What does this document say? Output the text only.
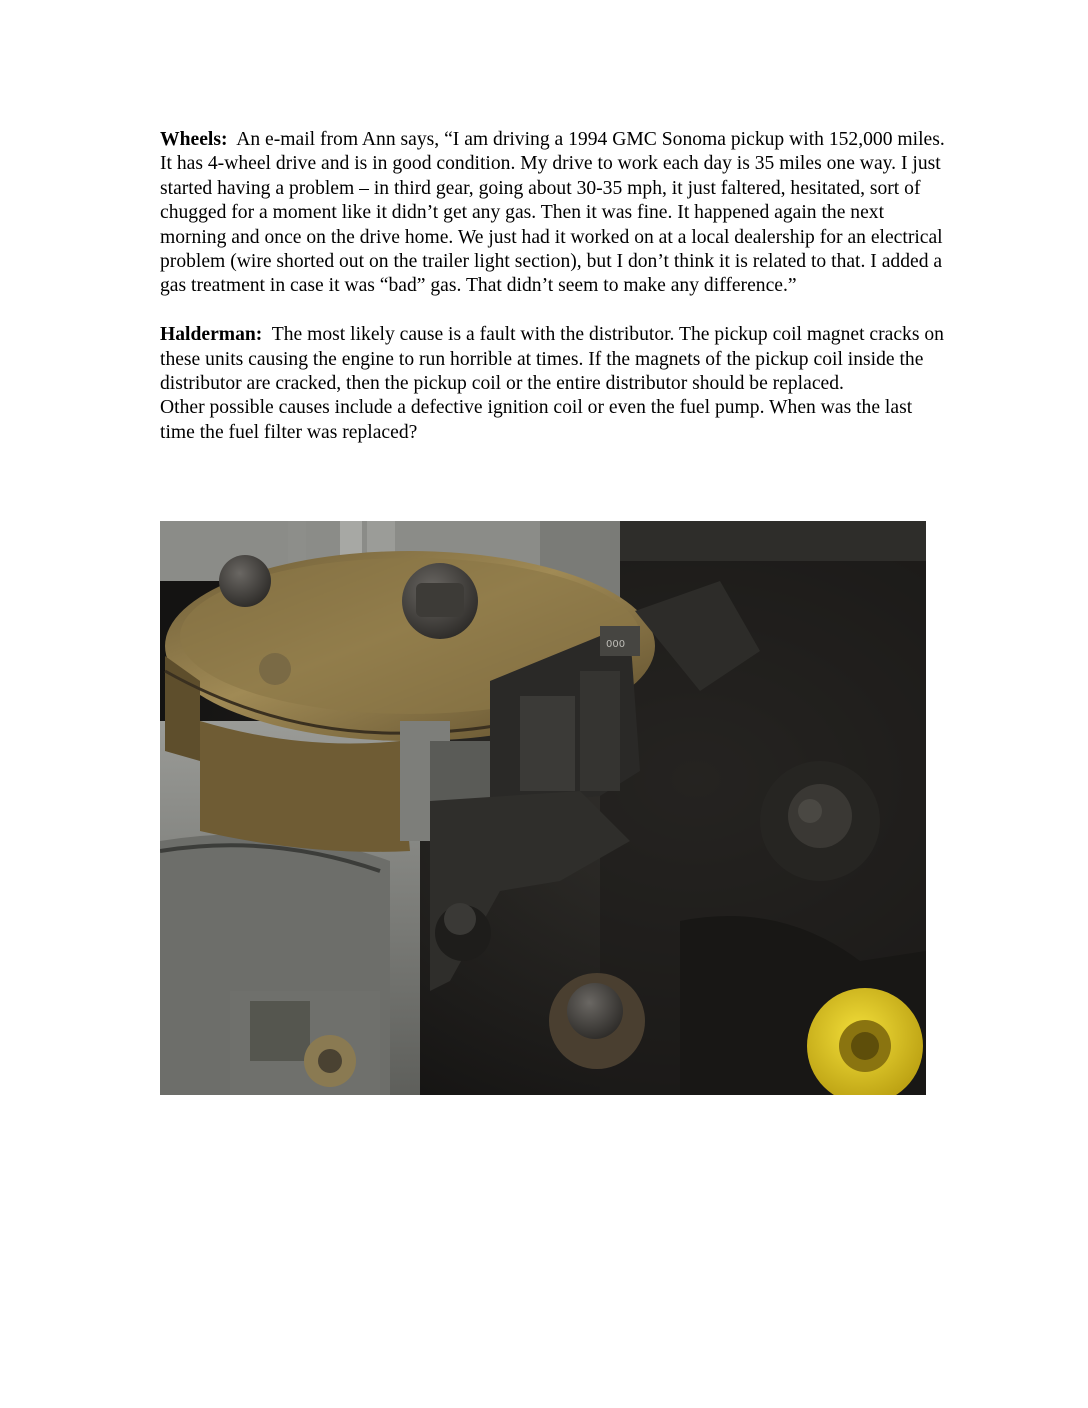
Wheels: An e-mail from Ann says, “I am driving a 1994 GMC Sonoma pickup with 152,000 miles. It has 4-wheel drive and is in good condition. My drive to work each day is 35 miles one way. I just started having a problem – in third gear, going about 30-35 mph, it just faltered, hesitated, sort of chugged for a moment like it didn’t get any gas. Then it was fine. It happened again the next morning and once on the drive home. We just had it worked on at a local dealership for an electrical problem (wire shorted out on the trailer light section), but I don’t think it is related to that. I added a gas treatment in case it was “bad” gas. That didn’t seem to make any difference.”

Halderman: The most likely cause is a fault with the distributor. The pickup coil magnet cracks on these units causing the engine to run horrible at times. If the magnets of the pickup coil inside the distributor are cracked, then the pickup coil or the entire distributor should be replaced.

Other possible causes include a defective ignition coil or even the fuel pump. When was the last time the fuel filter was replaced?

000
